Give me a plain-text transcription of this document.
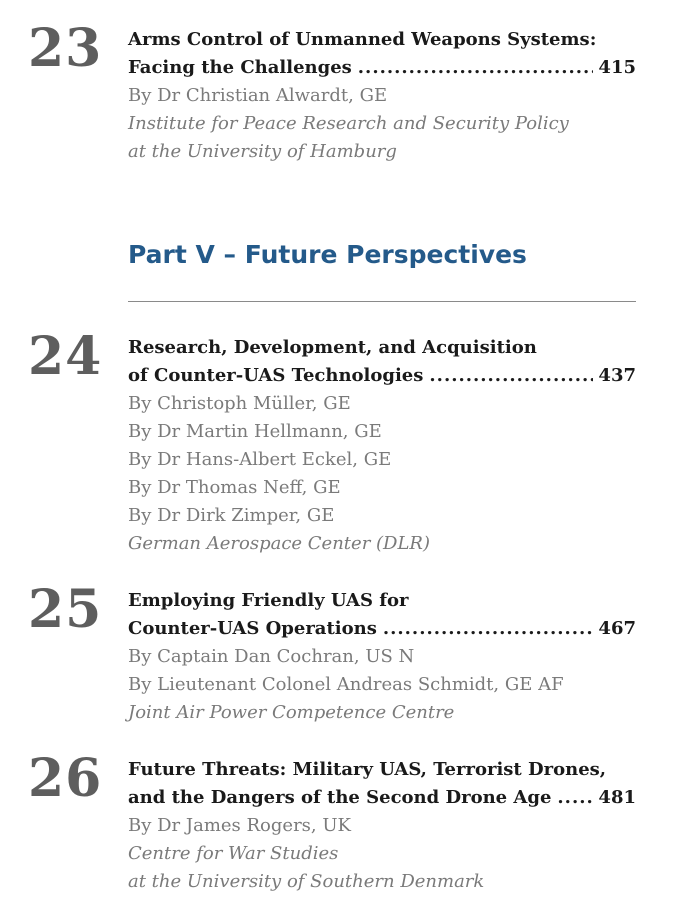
23 Arms Control of Unmanned Weapons Systems:
Facing the Challenges .....	415
By Dr Christian Alwardt, GE
Institute for Peace Research and Security Policy
at the University of Hamburg
Part V – Future Perspectives
24 Research, Development, and Acquisition
of Counter-UAS Technologies .....	437
By Christoph Müller, GE
By Dr Martin Hellmann, GE
By Dr Hans-Albert Eckel, GE
By Dr Thomas Neff, GE
By Dr Dirk Zimper, GE
German Aerospace Center (DLR)
25 Employing Friendly UAS for
Counter-UAS Operations .....	467
By Captain Dan Cochran, US N
By Lieutenant Colonel Andreas Schmidt, GE AF
Joint Air Power Competence Centre
26 Future Threats: Military UAS, Terrorist Drones,
and the Dangers of the Second Drone Age .....	481
By Dr James Rogers, UK
Centre for War Studies
at the University of Southern Denmark
